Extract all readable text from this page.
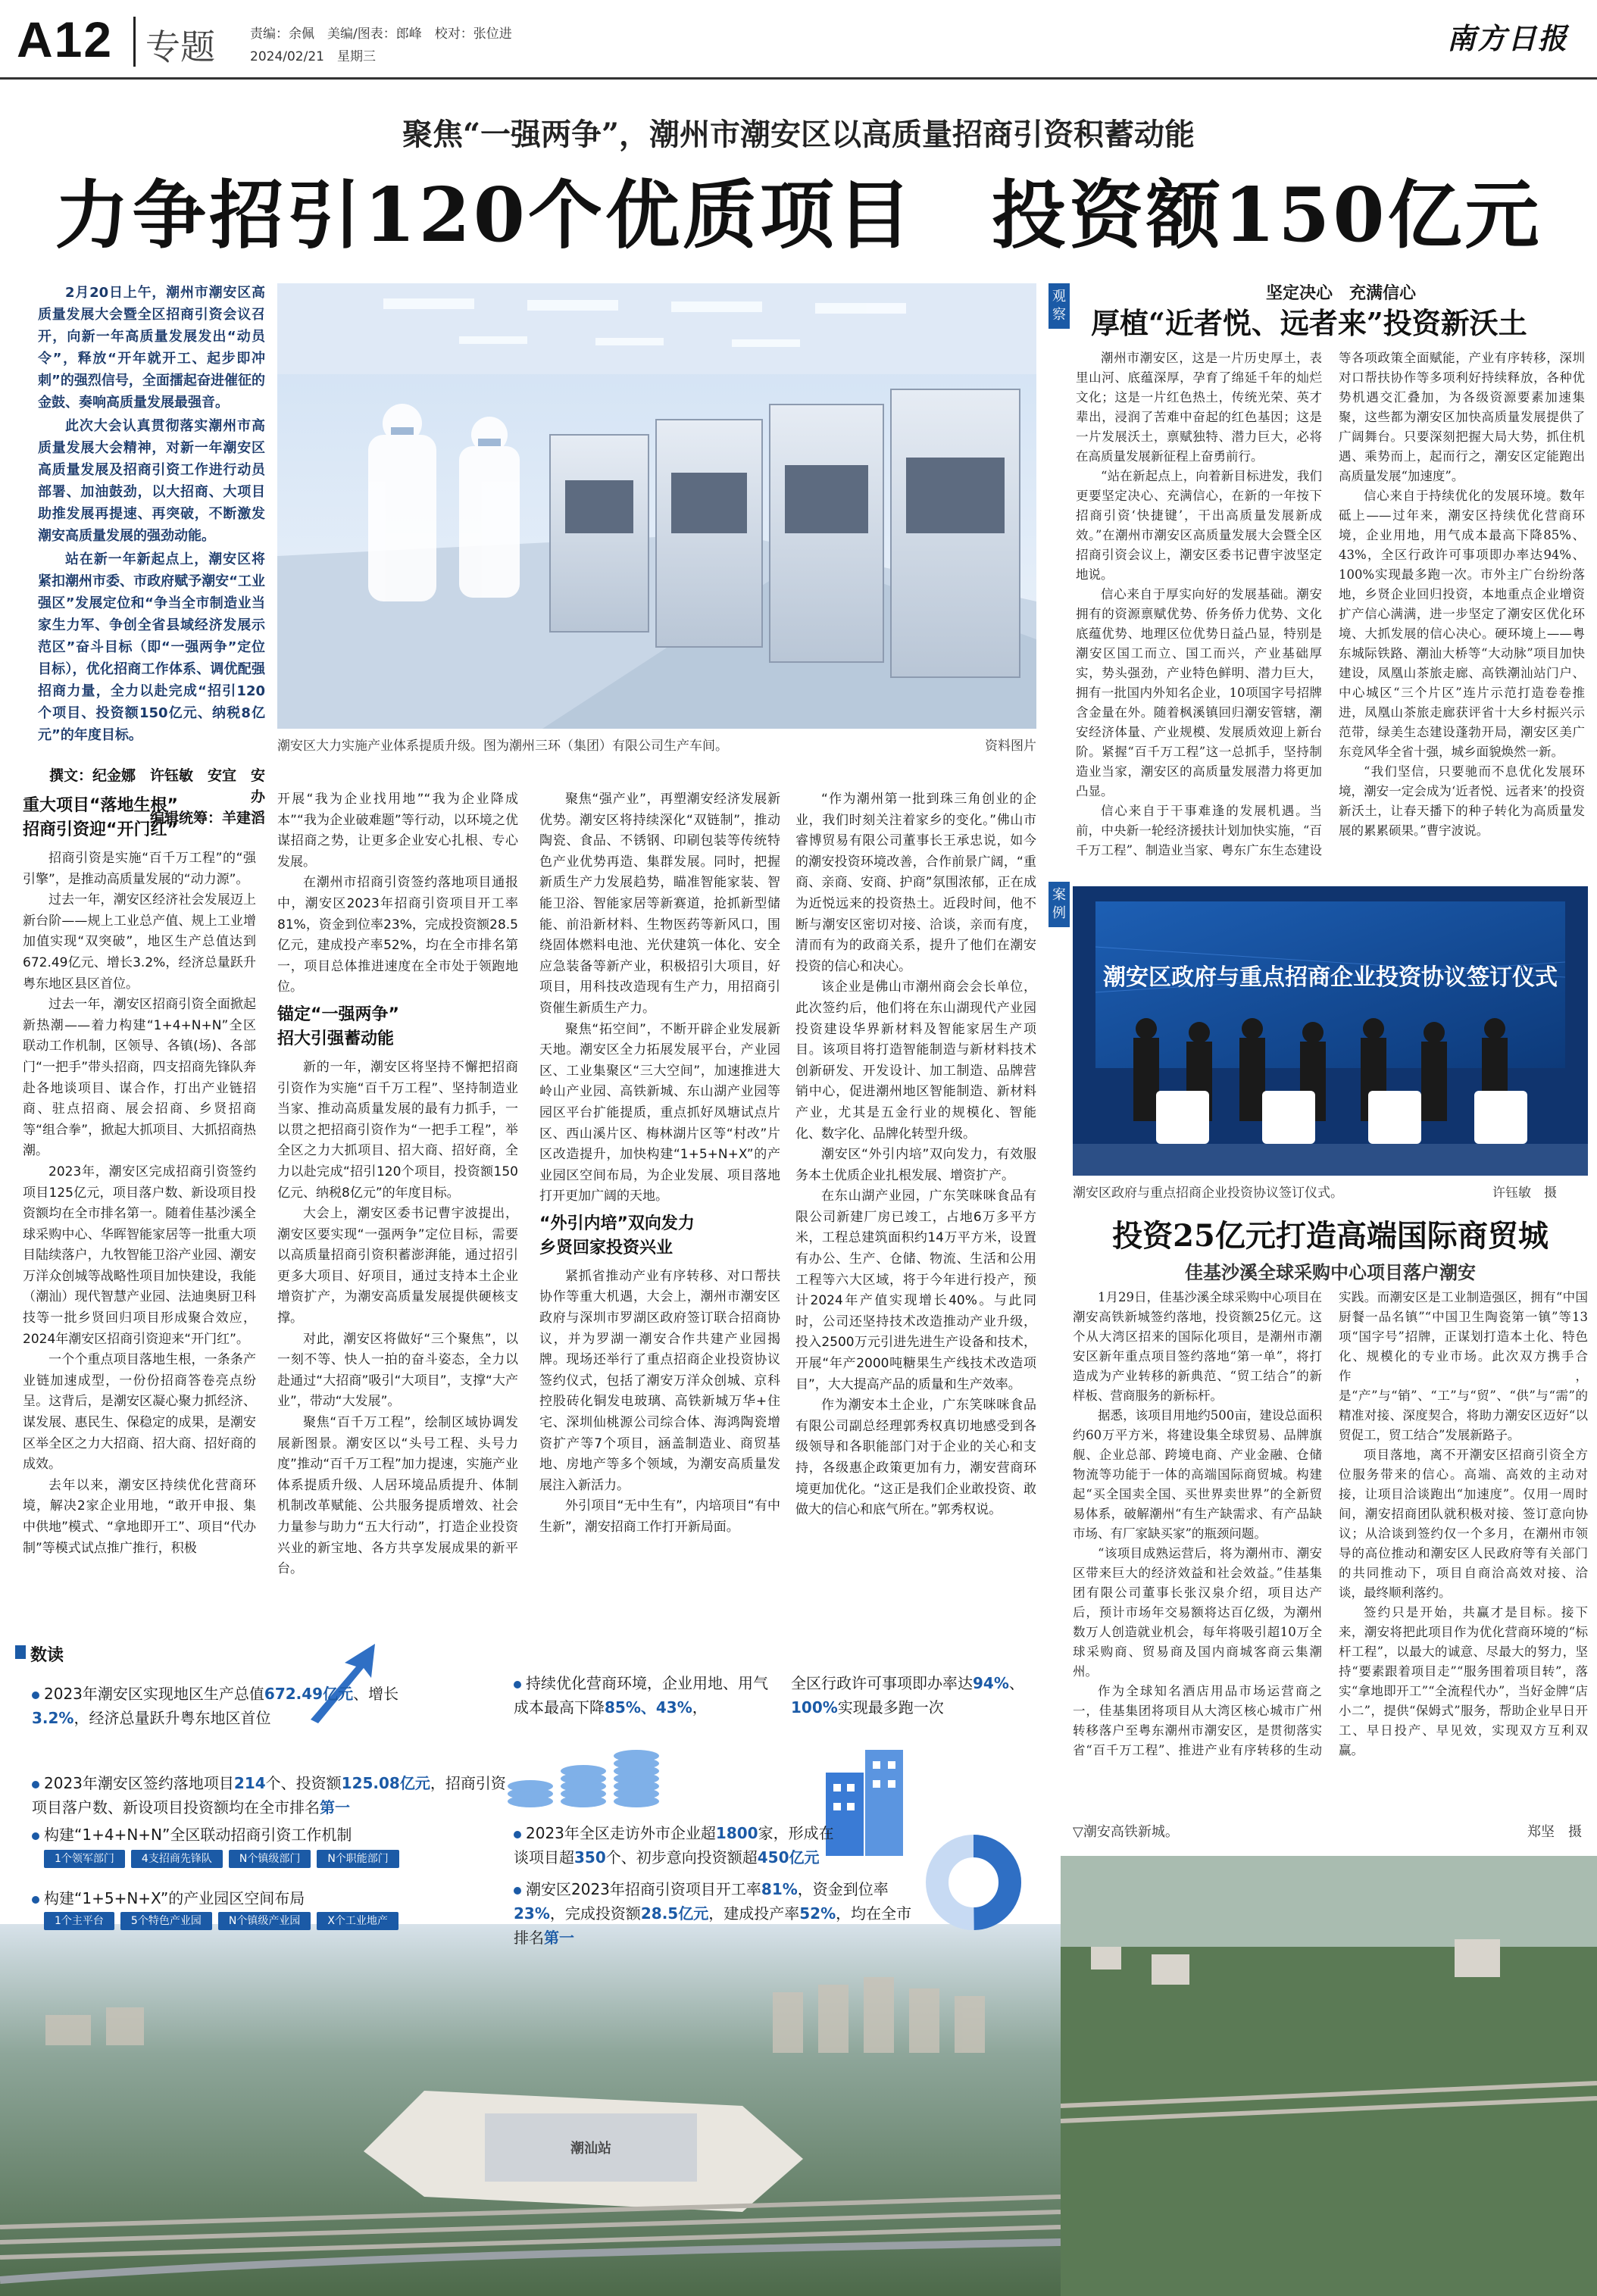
A12 专题	责编：余佩　美编/图表：郎峰　校对：张位进
2024/02/21　星期三
南方日报
聚焦“一强两争”，潮州市潮安区以高质量招商引资积蓄动能
力争招引120个优质项目　投资额150亿元

2月20日上午，潮州市潮安区高质量发展大会暨全区招商引资会议召开，向新一年高质量发展发出“动员令”，释放“开年就开工、起步即冲刺”的强烈信号，全面擂起奋进催征的金鼓、奏响高质量发展最强音。

此次大会认真贯彻落实潮州市高质量发展大会精神，对新一年潮安区高质量发展及招商引资工作进行动员部署、加油鼓劲，以大招商、大项目助推发展再提速、再突破，不断激发潮安高质量发展的强劲动能。

站在新一年新起点上，潮安区将紧扣潮州市委、市政府赋予潮安“工业强区”发展定位和“争当全市制造业当家生力军、争创全省县域经济发展示范区”奋斗目标（即“一强两争”定位目标），优化招商工作体系、调优配强招商力量，全力以赴完成“招引120个项目、投资额150亿元、纳税8亿元”的年度目标。

撰文：纪金娜　许钰敏　安宜　安办
编辑统筹：羊建滔
潮安区大力实施产业体系提质升级。图为潮州三环（集团）有限公司生产车间。	资料图片
重大项目“落地生根”
招商引资迎“开门红”

招商引资是实施“百千万工程”的“强引擎”，是推动高质量发展的“动力源”。

过去一年，潮安区经济社会发展迈上新台阶——规上工业总产值、规上工业增加值实现“双突破”，地区生产总值达到672.49亿元、增长3.2%，经济总量跃升粤东地区县区首位。

过去一年，潮安区招商引资全面掀起新热潮——着力构建“1+4+N+N”全区联动工作机制，区领导、各镇(场)、各部门“一把手”带头招商，四支招商先锋队奔赴各地谈项目、谋合作，打出产业链招商、驻点招商、展会招商、乡贤招商等“组合拳”，掀起大抓项目、大抓招商热潮。

2023年，潮安区完成招商引资签约项目125亿元，项目落户数、新设项目投资额均在全市排名第一。随着佳基沙溪全球采购中心、华晖智能家居等一批重大项目陆续落户，九牧智能卫浴产业园、潮安万洋众创城等战略性项目加快建设，我能（潮汕）现代智慧产业园、法迪奥厨卫科技等一批乡贤回归项目形成聚合效应，2024年潮安区招商引资迎来“开门红”。

一个个重点项目落地生根，一条条产业链加速成型，一份份招商答卷亮点纷呈。这背后，是潮安区凝心聚力抓经济、谋发展、惠民生、保稳定的成果，是潮安区举全区之力大招商、招大商、招好商的成效。

去年以来，潮安区持续优化营商环境，解决2家企业用地，“敢开申报、集中供地”模式、“拿地即开工”、项目“代办制”等模式试点推广推行，积极

开展“我为企业找用地”“我为企业降成本”“我为企业破难题”等行动，以环境之优谋招商之势，让更多企业安心扎根、专心发展。

在潮州市招商引资签约落地项目通报中，潮安区2023年招商引资项目开工率81%，资金到位率23%，完成投资额28.5亿元，建成投产率52%，均在全市排名第一，项目总体推进速度在全市处于领跑地位。

锚定“一强两争”
招大引强蓄动能

新的一年，潮安区将坚持不懈把招商引资作为实施“百千万工程”、坚持制造业当家、推动高质量发展的最有力抓手，一以贯之把招商引资作为“一把手工程”，举全区之力大抓项目、招大商、招好商，全力以赴完成“招引120个项目，投资额150亿元、纳税8亿元”的年度目标。

大会上，潮安区委书记曹宇波提出，潮安区要实现“一强两争”定位目标，需要以高质量招商引资积蓄澎湃能，通过招引更多大项目、好项目，通过支持本土企业增资扩产，为潮安高质量发展提供硬核支撑。

对此，潮安区将做好“三个聚焦”，以一刻不等、快人一拍的奋斗姿态，全力以赴通过“大招商”吸引“大项目”，支撑“大产业”，带动“大发展”。

聚焦“百千万工程”，绘制区域协调发展新图景。潮安区以“头号工程、头号力度”推动“百千万工程”加力提速，实施产业体系提质升级、人居环境品质提升、体制机制改革赋能、公共服务提质增效、社会力量参与助力“五大行动”，打造企业投资兴业的新宝地、各方共享发展成果的新平台。

聚焦“强产业”，再塑潮安经济发展新优势。潮安区将持续深化“双链制”，推动陶瓷、食品、不锈钢、印刷包装等传统特色产业优势再造、集群发展。同时，把握新质生产力发展趋势，瞄准智能家装、智能卫浴、智能家居等新赛道，抢抓新型储能、前沿新材料、生物医药等新风口，围绕固体燃料电池、光伏建筑一体化、安全应急装备等新产业，积极招引大项目，好项目，用科技改造现有生产力，用招商引资催生新质生产力。

聚焦“拓空间”，不断开辟企业发展新天地。潮安区全力拓展发展平台，产业园区、工业集聚区“三大空间”，加速推进大岭山产业园、高铁新城、东山湖产业园等园区平台扩能提质，重点抓好凤塘试点片区、西山溪片区、梅林湖片区等“村改”片区改造提升，加快构建“1+5+N+X”的产业园区空间布局，为企业发展、项目落地打开更加广阔的天地。

“外引内培”双向发力
乡贤回家投资兴业

紧抓省推动产业有序转移、对口帮扶协作等重大机遇，大会上，潮州市潮安区政府与深圳市罗湖区政府签订联合招商协议，并为罗湖一潮安合作共建产业园揭牌。现场还举行了重点招商企业投资协议签约仪式，包括了潮安万洋众创城、京科控股砖化铜发电玻璃、高铁新城万华+住宅、深圳仙桃源公司综合体、海鸿陶瓷增资扩产等7个项目，涵盖制造业、商贸基地、房地产等多个领域，为潮安高质量发展注入新活力。

外引项目“无中生有”，内培项目“有中生新”，潮安招商工作打开新局面。

“作为潮州第一批到珠三角创业的企业，我们时刻关注着家乡的变化。”佛山市睿博贸易有限公司董事长王承忠说，如今的潮安投资环境改善，合作前景广阔，“重商、亲商、安商、护商”氛围浓郁，正在成为近悦远来的投资热土。近段时间，他不断与潮安区密切对接、洽谈，亲而有度，清而有为的政商关系，提升了他们在潮安投资的信心和决心。

该企业是佛山市潮州商会会长单位，此次签约后，他们将在东山湖现代产业园投资建设华界新材料及智能家居生产项目。该项目将打造智能制造与新材料技术创新研发、开发设计、加工制造、品牌营销中心，促进潮州地区智能制造、新材料产业，尤其是五金行业的规模化、智能化、数字化、品牌化转型升级。

潮安区“外引内培”双向发力，有效服务本土优质企业扎根发展、增资扩产。

在东山湖产业园，广东笑咪咪食品有限公司新建厂房已竣工，占地6万多平方米，工程总建筑面积约14万平方米，设置有办公、生产、仓储、物流、生活和公用工程等六大区域，将于今年进行投产，预计2024年产值实现增长40%。与此同时，公司还坚持技术改造推动产业升级，投入2500万元引进先进生产设备和技术，开展“年产2000吨糖果生产线技术改造项目”，大大提高产品的质量和生产效率。

作为潮安本土企业，广东笑咪咪食品有限公司副总经理郭秀权真切地感受到各级领导和各职能部门对于企业的关心和支持，各级惠企政策更加有力，潮安营商环境更加优化。“这正是我们企业敢投资、敢做大的信心和底气所在。”郭秀权说。

观察
坚定决心　充满信心
厚植“近者悦、远者来”投资新沃土

潮州市潮安区，这是一片历史厚土，表里山河、底蕴深厚，孕育了绵延千年的灿烂文化；这是一片红色热土，传统光荣、英才辈出，浸润了苦难中奋起的红色基因；这是一片发展沃土，禀赋独特、潜力巨大，必将在高质量发展新征程上奋勇前行。

“站在新起点上，向着新目标进发，我们更要坚定决心、充满信心，在新的一年按下招商引资‘快捷键’，干出高质量发展新成效。”在潮州市潮安区高质量发展大会暨全区招商引资会议上，潮安区委书记曹宇波坚定地说。

信心来自于厚实向好的发展基础。潮安拥有的资源禀赋优势、侨务侨力优势、文化底蕴优势、地理区位优势日益凸显，特别是潮安区国工而立、国工而兴，产业基础厚实，势头强劲，产业特色鲜明、潜力巨大，拥有一批国内外知名企业，10项国字号招牌含金量在外。随着枫溪镇回归潮安管辖，潮安经济体量、产业规模、发展质效迎上新台阶。紧握“百千万工程”这一总抓手，坚持制造业当家，潮安区的高质量发展潜力将更加凸显。

信心来自于干事难逢的发展机遇。当前，中央新一轮经济援扶计划加快实施，“百千万工程”、制造业当家、粤东广东生态建设等各项政策全面赋能，产业有序转移，深圳对口帮扶协作等多项利好持续释放，各种优势机遇交汇叠加，为各级资源要素加速集聚，这些都为潮安区加快高质量发展提供了广阔舞台。只要深刻把握大局大势，抓住机遇、乘势而上，起而行之，潮安区定能跑出高质量发展“加速度”。

信心来自于持续优化的发展环境。数年砥上——过年来，潮安区持续优化营商环境，企业用地，用气成本最高下降85%、43%，全区行政许可事项即办率达94%、100%实现最多跑一次。市外主广台纷纷落地，乡贤企业回归投资，本地重点企业增资扩产信心满满，进一步坚定了潮安区优化环境、大抓发展的信心决心。硬环境上——粤东城际铁路、潮汕大桥等“大动脉”项目加快建设，凤凰山茶旅走廊、高铁潮汕站门户、中心城区“三个片区”连片示范打造卷卷推进，凤凰山茶旅走廊获评省十大乡村振兴示范带，绿美生态建设蓬勃开局，潮安区美广东竞风华全省十强，城乡面貌焕然一新。

“我们坚信，只要驰而不息优化发展环境，潮安一定会成为‘近者悦、远者来’的投资新沃土，让春天播下的种子转化为高质量发展的累累硕果。”曹宇波说。

案例
潮安区政府与重点招商企业投资协议签订仪式
潮安区政府与重点招商企业投资协议签订仪式。	许钰敏　摄
投资25亿元打造高端国际商贸城
佳基沙溪全球采购中心项目落户潮安

1月29日，佳基沙溪全球采购中心项目在潮安高铁新城签约落地，投资额25亿元。这个从大湾区招来的国际化项目，是潮州市潮安区新年重点项目签约落地“第一单”，将打造成为产业转移的新典范、“贸工结合”的新样板、营商服务的新标杆。

据悉，该项目用地约500亩，建设总面积约60万平方米，将建设集全球贸易、品牌旗舰、企业总部、跨境电商、产业金融、仓储物流等功能于一体的高端国际商贸城。构建起“买全国卖全国、买世界卖世界”的全新贸易体系，破解潮州“有生产缺需求、有产品缺市场、有厂家缺买家”的瓶颈问题。

“该项目成熟运营后，将为潮州市、潮安区带来巨大的经济效益和社会效益。”佳基集团有限公司董事长张汉泉介绍，项目达产后，预计市场年交易额将达百亿级，为潮州数万人创造就业机会，每年将吸引超10万全球采购商、贸易商及国内商城客商云集潮州。

作为全球知名酒店用品市场运营商之一，佳基集团将项目从大湾区核心城市广州转移落户至粤东潮州市潮安区，是贯彻落实省“百千万工程”、推进产业有序转移的生动实践。而潮安区是工业制造强区，拥有“中国厨餐一品名镇”“中国卫生陶瓷第一镇”等13项“国字号”招牌，正谋划打造本土化、特色化、规模化的专业市场。此次双方携手合作，是“产”与“销”、“工”与“贸”、“供”与“需”的精准对接、深度契合，将助力潮安区迈好“以贸促工，贸工结合”发展新路子。

项目落地，离不开潮安区招商引资全方位服务带来的信心。高端、高效的主动对接，让项目洽谈跑出“加速度”。仅用一周时间，潮安招商团队就积极对接、签订意向协议；从洽谈到签约仅一个多月，在潮州市领导的高位推动和潮安区人民政府等有关部门的共同推动下，项目自商洽高效对接、洽谈，最终顺利落约。

签约只是开始，共赢才是目标。接下来，潮安将把此项目作为优化营商环境的“标杆工程”，以最大的诚意、尽最大的努力，坚持“要素跟着项目走”“服务围着项目转”，落实“拿地即开工”“全流程代办”，当好金牌“店小二”，提供“保姆式”服务，帮助企业早日开工、早日投产、早见效，实现双方互利双赢。

潮汕站
▽潮安高铁新城。	郑坚　摄
数读
2023年潮安区实现地区生产总值672.49亿元、增长3.2%，经济总量跃升粤东地区首位
2023年潮安区签约落地项目214个、投资额125.08亿元，招商引资项目落户数、新设项目投资额均在全市排名第一
构建“1+4+N+N”全区联动招商引资工作机制
1个领军部门	4支招商先锋队	N个镇级部门	N个职能部门
构建“1+5+N+X”的产业园区空间布局
1个主平台	5个特色产业园	N个镇级产业园	X个工业地产
持续优化营商环境，企业用地、用气成本最高下降85%、43%，
全区行政许可事项即办率达94%、100%实现最多跑一次
2023年全区走访外市企业超1800家，形成在谈项目超350个、初步意向投资额超450亿元
潮安区2023年招商引资项目开工率81%，资金到位率23%，完成投资额28.5亿元，建成投产率52%，均在全市排名第一
